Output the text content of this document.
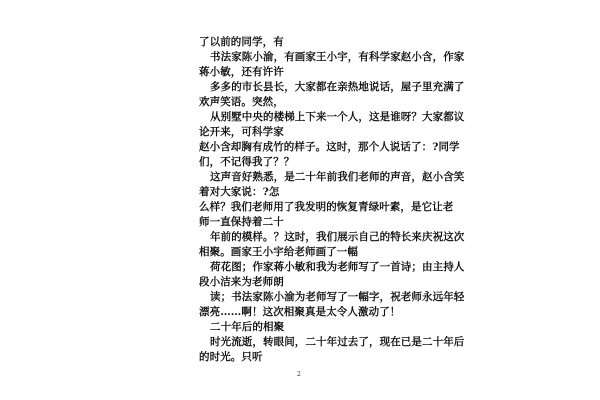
了以前的同学，有
书法家陈小渝，有画家王小宇，有科学家赵小含，作家
蒋小敏，还有许许
多多的市长县长，大家都在亲热地说话，屋子里充满了
欢声笑语。突然，
从别墅中央的楼梯上下来一个人，这是谁呀？大家都议
论开来，可科学家
赵小含却胸有成竹的样子。这时，那个人说话了：?同学
们，不记得我了？？
这声音好熟悉，是二十年前我们老师的声音，赵小含笑
着对大家说：?怎
么样？我们老师用了我发明的恢复青绿叶素，是它让老
师一直保持着二十
年前的模样。？这时，我们展示自己的特长来庆祝这次
相聚。画家王小宇给老师画了一幅
荷花图；作家蒋小敏和我为老师写了一首诗；由主持人
段小洁来为老师朗
读；书法家陈小渝为老师写了一幅字，祝老师永远年轻
漂亮……啊！这次相聚真是太令人激动了！
二十年后的相聚
时光流逝，转眼间，二十年过去了，现在已是二十年后
的时光。只听
2
